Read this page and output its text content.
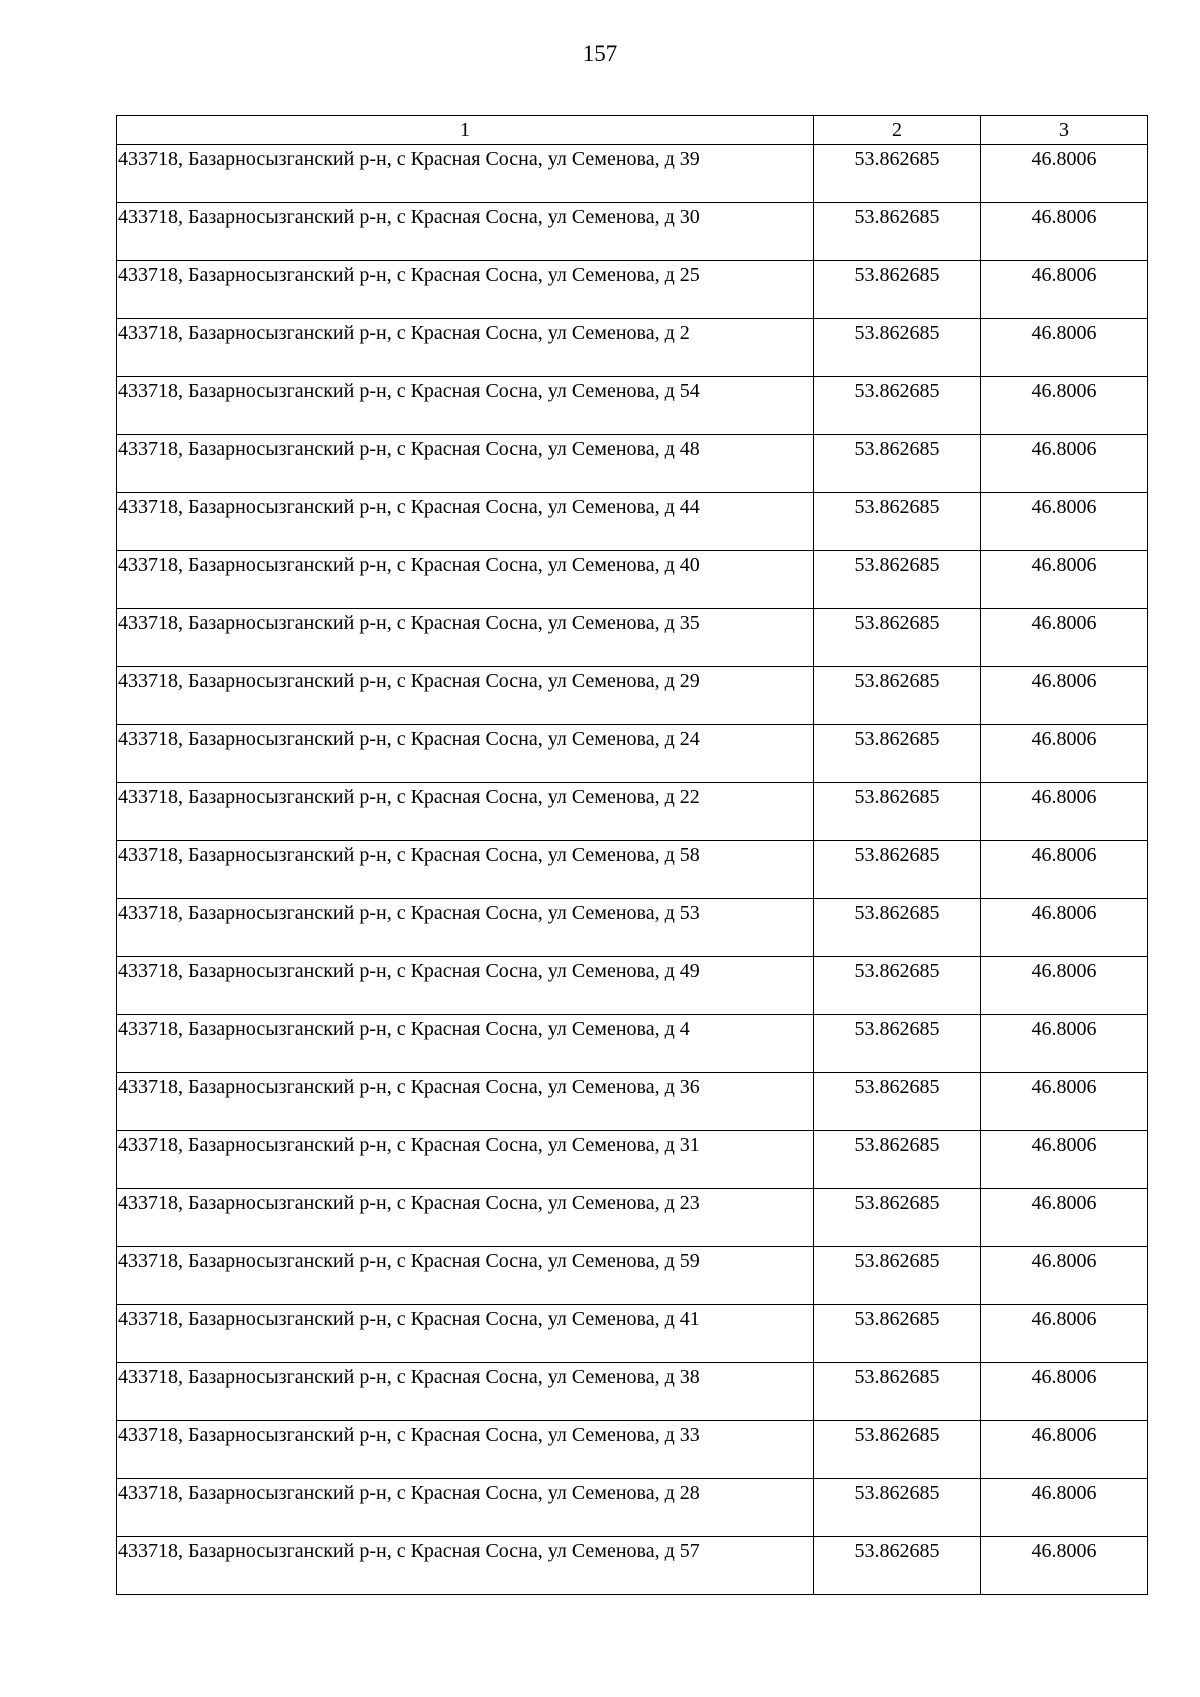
157
1	2	3
433718, Базарносызганский р-н, с Красная Сосна, ул Семенова, д 39	53.862685	46.8006
433718, Базарносызганский р-н, с Красная Сосна, ул Семенова, д 30	53.862685	46.8006
433718, Базарносызганский р-н, с Красная Сосна, ул Семенова, д 25	53.862685	46.8006
433718, Базарносызганский р-н, с Красная Сосна, ул Семенова, д 2	53.862685	46.8006
433718, Базарносызганский р-н, с Красная Сосна, ул Семенова, д 54	53.862685	46.8006
433718, Базарносызганский р-н, с Красная Сосна, ул Семенова, д 48	53.862685	46.8006
433718, Базарносызганский р-н, с Красная Сосна, ул Семенова, д 44	53.862685	46.8006
433718, Базарносызганский р-н, с Красная Сосна, ул Семенова, д 40	53.862685	46.8006
433718, Базарносызганский р-н, с Красная Сосна, ул Семенова, д 35	53.862685	46.8006
433718, Базарносызганский р-н, с Красная Сосна, ул Семенова, д 29	53.862685	46.8006
433718, Базарносызганский р-н, с Красная Сосна, ул Семенова, д 24	53.862685	46.8006
433718, Базарносызганский р-н, с Красная Сосна, ул Семенова, д 22	53.862685	46.8006
433718, Базарносызганский р-н, с Красная Сосна, ул Семенова, д 58	53.862685	46.8006
433718, Базарносызганский р-н, с Красная Сосна, ул Семенова, д 53	53.862685	46.8006
433718, Базарносызганский р-н, с Красная Сосна, ул Семенова, д 49	53.862685	46.8006
433718, Базарносызганский р-н, с Красная Сосна, ул Семенова, д 4	53.862685	46.8006
433718, Базарносызганский р-н, с Красная Сосна, ул Семенова, д 36	53.862685	46.8006
433718, Базарносызганский р-н, с Красная Сосна, ул Семенова, д 31	53.862685	46.8006
433718, Базарносызганский р-н, с Красная Сосна, ул Семенова, д 23	53.862685	46.8006
433718, Базарносызганский р-н, с Красная Сосна, ул Семенова, д 59	53.862685	46.8006
433718, Базарносызганский р-н, с Красная Сосна, ул Семенова, д 41	53.862685	46.8006
433718, Базарносызганский р-н, с Красная Сосна, ул Семенова, д 38	53.862685	46.8006
433718, Базарносызганский р-н, с Красная Сосна, ул Семенова, д 33	53.862685	46.8006
433718, Базарносызганский р-н, с Красная Сосна, ул Семенова, д 28	53.862685	46.8006
433718, Базарносызганский р-н, с Красная Сосна, ул Семенова, д 57	53.862685	46.8006
